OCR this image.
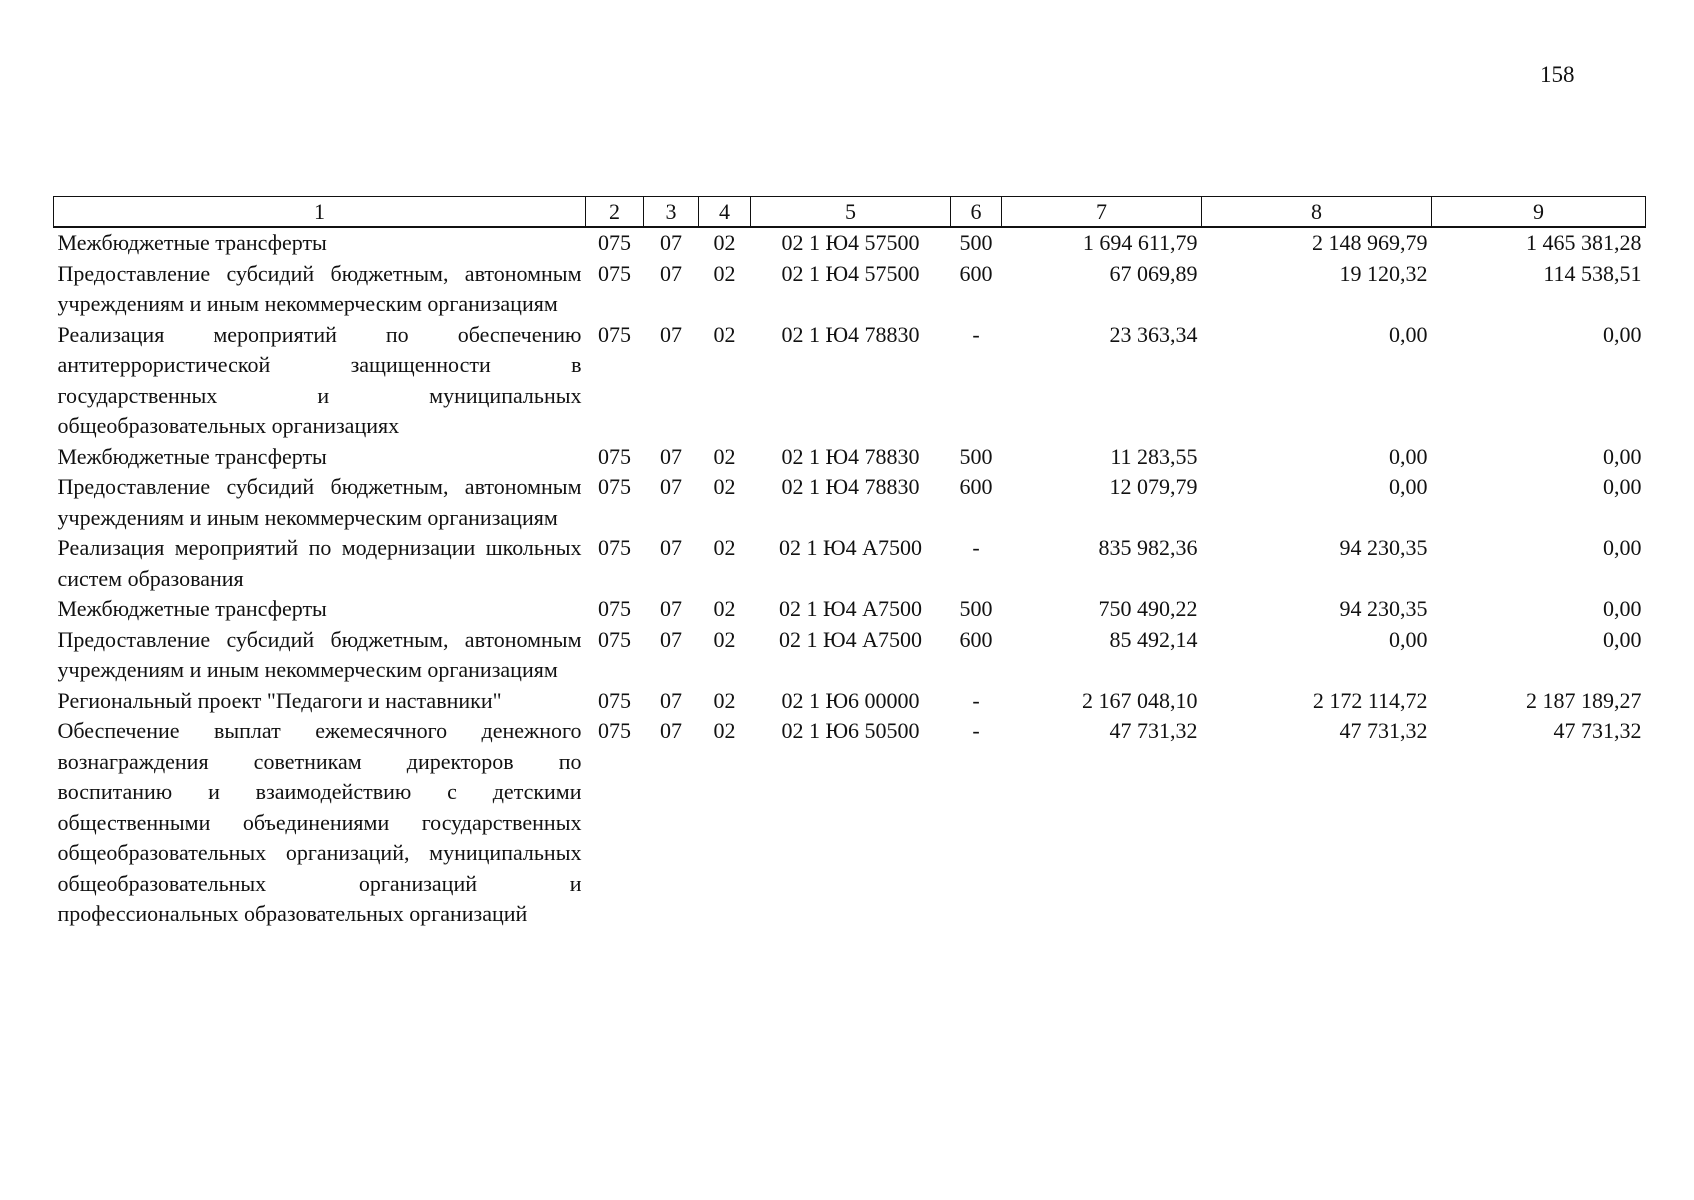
158
1	2	3	4	5	6	7	8	9
Межбюджетные трансферты	075	07	02	02 1 Ю4 57500	500	1 694 611,79	2 148 969,79	1 465 381,28
Предоставление субсидий бюджетным, автономным учреждениям и иным некоммерческим организациям	075	07	02	02 1 Ю4 57500	600	67 069,89	19 120,32	114 538,51
Реализация мероприятий по обеспечению антитеррористической защищенности в государственных и муниципальных общеобразовательных организациях	075	07	02	02 1 Ю4 78830	-	23 363,34	0,00	0,00
Межбюджетные трансферты	075	07	02	02 1 Ю4 78830	500	11 283,55	0,00	0,00
Предоставление субсидий бюджетным, автономным учреждениям и иным некоммерческим организациям	075	07	02	02 1 Ю4 78830	600	12 079,79	0,00	0,00
Реализация мероприятий по модернизации школьных систем образования	075	07	02	02 1 Ю4 А7500	-	835 982,36	94 230,35	0,00
Межбюджетные трансферты	075	07	02	02 1 Ю4 А7500	500	750 490,22	94 230,35	0,00
Предоставление субсидий бюджетным, автономным учреждениям и иным некоммерческим организациям	075	07	02	02 1 Ю4 А7500	600	85 492,14	0,00	0,00
Региональный проект "Педагоги и наставники"	075	07	02	02 1 Ю6 00000	-	2 167 048,10	2 172 114,72	2 187 189,27
Обеспечение выплат ежемесячного денежного вознаграждения советникам директоров по воспитанию и взаимодействию с детскими общественными объединениями государственных общеобразовательных организаций, муниципальных общеобразовательных организаций и профессиональных образовательных организаций	075	07	02	02 1 Ю6 50500	-	47 731,32	47 731,32	47 731,32
